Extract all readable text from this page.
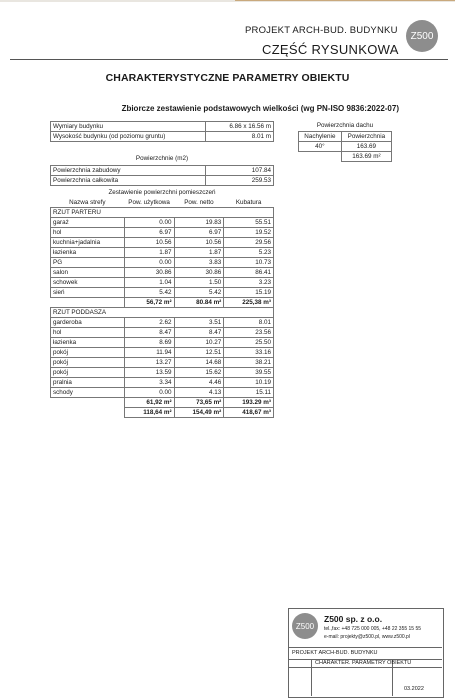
PROJEKT ARCH-BUD. BUDYNKU
CZĘŚĆ RYSUNKOWA
Z500
CHARAKTERYSTYCZNE PARAMETRY OBIEKTU
Zbiorcze zestawienie podstawowych wielkości (wg PN-ISO 9836:2022-07)
Wymiary budynku	6.86 x 16.56 m
Wysokość budynku (od poziomu gruntu)	8.01 m
Powierzchnia dachu
Nachylenie	Powierzchnia
40°	163.69
	163.69 m²
Powierzchnie (m2)
Powierzchnia zabudowy	107.84
Powierzchnia całkowita	259.53
Zestawienie powierzchni pomieszczeń
Nazwa strefy	Pow. użytkowa	Pow. netto	Kubatura
RZUT PARTERU			
garaż	0.00	19.83	55.51
hol	6.97	6.97	19.52
kuchnia+jadalnia	10.56	10.56	29.56
łazienka	1.87	1.87	5.23
PG	0.00	3.83	10.73
salon	30.86	30.86	86.41
schowek	1.04	1.50	3.23
sień	5.42	5.42	15.19
	56,72 m²	80.84 m²	225,38 m³
RZUT PODDASZA			
garderoba	2.62	3.51	8.01
hol	8.47	8.47	23.56
łazienka	8.69	10.27	25.50
pokój	11.94	12.51	33.16
pokój	13.27	14.68	38.21
pokój	13.59	15.62	39.55
pralnia	3.34	4.46	10.19
schody	0.00	4.13	15.11
	61,92 m²	73,65 m²	193.29 m³
	118,64 m²	154,49 m²	418,67 m³
Z500
Z500 sp. z o.o.
tel.,fax: +48 725 000 005, +48 22 355 15 55
e-mail: projekty@z500.pl, www.z500.pl
PROJEKT ARCH-BUD. BUDYNKU
CHARAKTER. PARAMETRY OBIEKTU
03.2022
